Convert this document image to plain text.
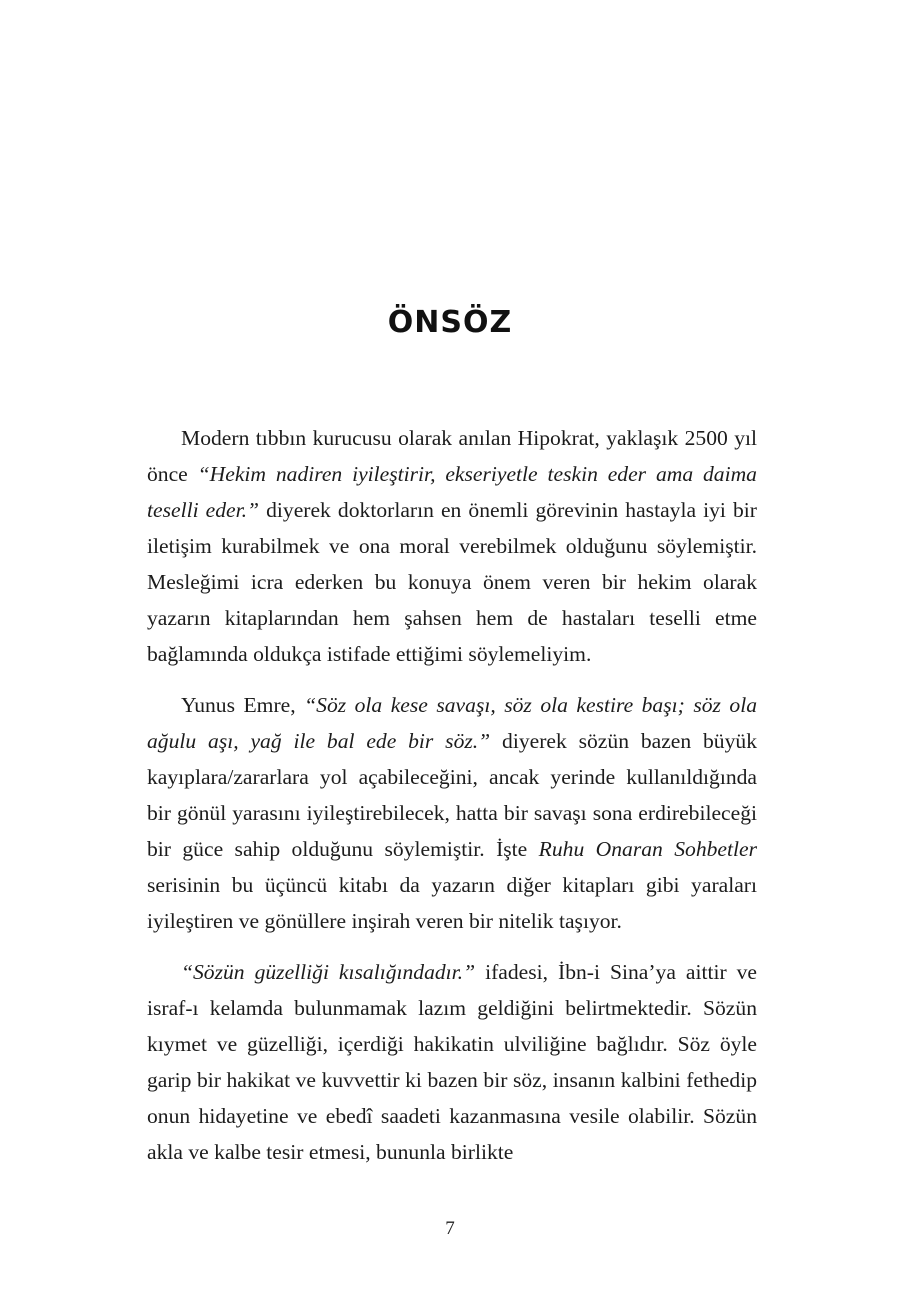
ÖNSÖZ

Modern tıbbın kurucusu olarak anılan Hipokrat, yaklaşık 2500 yıl önce “Hekim nadiren iyileştirir, ekseriyetle teskin eder ama daima teselli eder.” diyerek doktorların en önemli görevinin hastayla iyi bir iletişim kurabilmek ve ona moral verebilmek olduğunu söylemiştir. Mesleğimi icra ederken bu konuya önem veren bir hekim olarak yazarın kitaplarından hem şahsen hem de hastaları teselli etme bağlamında oldukça istifade ettiğimi söylemeliyim.

Yunus Emre, “Söz ola kese savaşı, söz ola kestire başı; söz ola ağulu aşı, yağ ile bal ede bir söz.” diyerek sözün bazen büyük kayıplara/zararlara yol açabileceğini, ancak yerinde kullanıldığında bir gönül yarasını iyileştirebilecek, hatta bir savaşı sona erdirebileceği bir güce sahip olduğunu söylemiştir. İşte Ruhu Onaran Sohbetler serisinin bu üçüncü kitabı da yazarın diğer kitapları gibi yaraları iyileştiren ve gönüllere inşirah veren bir nitelik taşıyor.

“Sözün güzelliği kısalığındadır.” ifadesi, İbn-i Sina’ya aittir ve israf-ı kelamda bulunmamak lazım geldiğini belirtmektedir. Sözün kıymet ve güzelliği, içerdiği hakikatin ulviliğine bağlıdır. Söz öyle garip bir hakikat ve kuvvettir ki bazen bir söz, insanın kalbini fethedip onun hidayetine ve ebedî saadeti kazanmasına vesile olabilir. Sözün akla ve kalbe tesir etmesi, bununla birlikte

7
